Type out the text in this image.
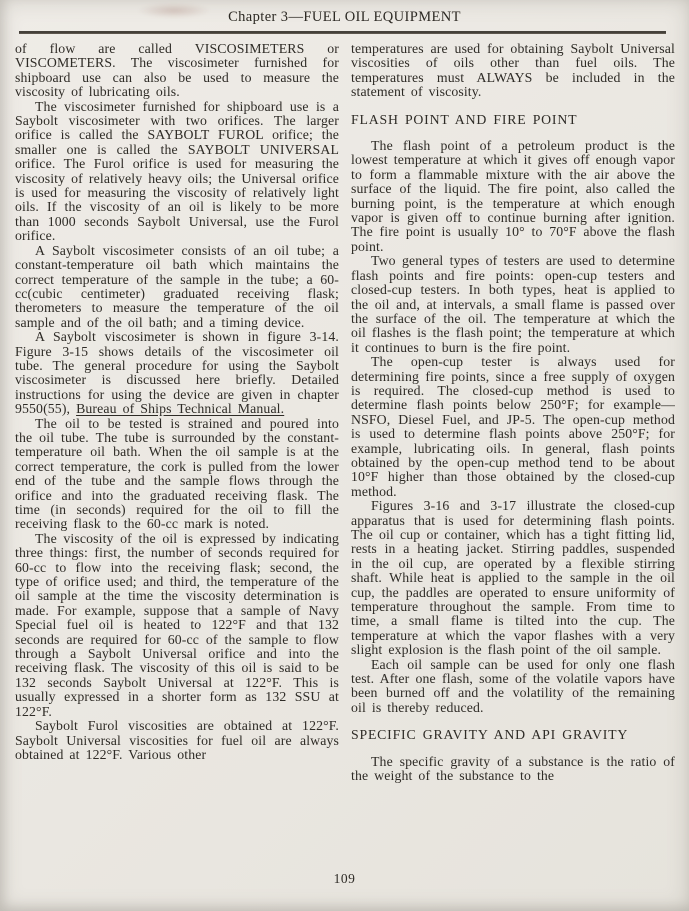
Chapter 3—FUEL OIL EQUIPMENT

of flow are called VISCOSIMETERS or VISCOMETERS. The viscosimeter furnished for shipboard use can also be used to measure the viscosity of lubricating oils.

The viscosimeter furnished for shipboard use is a Saybolt viscosimeter with two orifices. The larger orifice is called the SAYBOLT FUROL orifice; the smaller one is called the SAYBOLT UNIVERSAL orifice. The Furol orifice is used for measuring the viscosity of relatively heavy oils; the Universal orifice is used for measuring the viscosity of relatively light oils. If the viscosity of an oil is likely to be more than 1000 seconds Saybolt Universal, use the Furol orifice.

A Saybolt viscosimeter consists of an oil tube; a constant-temperature oil bath which maintains the correct temperature of the sample in the tube; a 60-cc(cubic centimeter) graduated receiving flask; therometers to measure the temperature of the oil sample and of the oil bath; and a timing device.

A Saybolt viscosimeter is shown in figure 3-14. Figure 3-15 shows details of the viscosimeter oil tube. The general procedure for using the Saybolt viscosimeter is discussed here briefly. Detailed instructions for using the device are given in chapter 9550(55), Bureau of Ships Technical Manual.

The oil to be tested is strained and poured into the oil tube. The tube is surrounded by the constant-temperature oil bath. When the oil sample is at the correct temperature, the cork is pulled from the lower end of the tube and the sample flows through the orifice and into the graduated receiving flask. The time (in seconds) required for the oil to fill the receiving flask to the 60-cc mark is noted.

The viscosity of the oil is expressed by indicating three things: first, the number of seconds required for 60-cc to flow into the receiving flask; second, the type of orifice used; and third, the temperature of the oil sample at the time the viscosity determination is made. For example, suppose that a sample of Navy Special fuel oil is heated to 122°F and that 132 seconds are required for 60-cc of the sample to flow through a Saybolt Universal orifice and into the receiving flask. The viscosity of this oil is said to be 132 seconds Saybolt Universal at 122°F. This is usually expressed in a shorter form as 132 SSU at 122°F.

Saybolt Furol viscosities are obtained at 122°F. Saybolt Universal viscosities for fuel oil are always obtained at 122°F. Various other

temperatures are used for obtaining Saybolt Universal viscosities of oils other than fuel oils. The temperatures must ALWAYS be included in the statement of viscosity.

FLASH POINT AND FIRE POINT

The flash point of a petroleum product is the lowest temperature at which it gives off enough vapor to form a flammable mixture with the air above the surface of the liquid. The fire point, also called the burning point, is the temperature at which enough vapor is given off to continue burning after ignition. The fire point is usually 10° to 70°F above the flash point.

Two general types of testers are used to determine flash points and fire points: open-cup testers and closed-cup testers. In both types, heat is applied to the oil and, at intervals, a small flame is passed over the surface of the oil. The temperature at which the oil flashes is the flash point; the temperature at which it continues to burn is the fire point.

The open-cup tester is always used for determining fire points, since a free supply of oxygen is required. The closed-cup method is used to determine flash points below 250°F; for example—NSFO, Diesel Fuel, and JP-5. The open-cup method is used to determine flash points above 250°F; for example, lubricating oils. In general, flash points obtained by the open-cup method tend to be about 10°F higher than those obtained by the closed-cup method.

Figures 3-16 and 3-17 illustrate the closed-cup apparatus that is used for determining flash points. The oil cup or container, which has a tight fitting lid, rests in a heating jacket. Stirring paddles, suspended in the oil cup, are operated by a flexible stirring shaft. While heat is applied to the sample in the oil cup, the paddles are operated to ensure uniformity of temperature throughout the sample. From time to time, a small flame is tilted into the cup. The temperature at which the vapor flashes with a very slight explosion is the flash point of the oil sample.

Each oil sample can be used for only one flash test. After one flash, some of the volatile vapors have been burned off and the volatility of the remaining oil is thereby reduced.

SPECIFIC GRAVITY AND API GRAVITY

The specific gravity of a substance is the ratio of the weight of the substance to the

109
